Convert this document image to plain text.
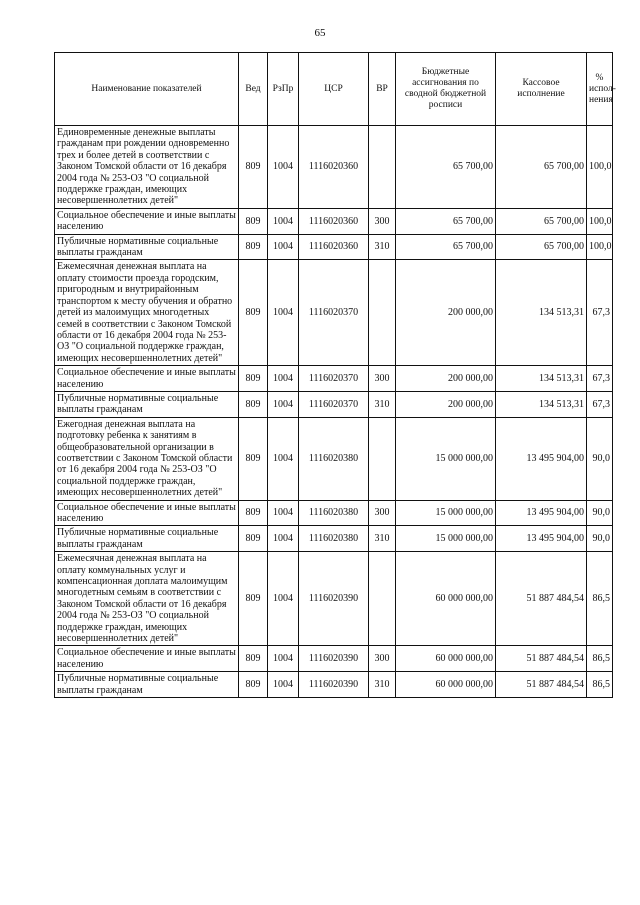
65
Наименование показателей	Вед	РзПр	ЦСР	ВР	Бюджетные ассигнования по сводной бюджетной росписи	Кассовое исполнение	% испол-нения
Единовременные денежные выплаты гражданам при рождении одновременно трех и более детей в соответствии с Законом Томской области от 16 декабря 2004 года № 253-ОЗ "О социальной поддержке граждан, имеющих несовершеннолетних детей"	809	1004	1116020360		65 700,00	65 700,00	100,0
Социальное обеспечение и иные выплаты населению	809	1004	1116020360	300	65 700,00	65 700,00	100,0
Публичные нормативные социальные выплаты гражданам	809	1004	1116020360	310	65 700,00	65 700,00	100,0
Ежемесячная денежная выплата на оплату стоимости проезда городским, пригородным и внутрирайонным транспортом к месту обучения и обратно детей из малоимущих многодетных семей в соответствии с Законом Томской области от 16 декабря 2004 года № 253-ОЗ "О социальной поддержке граждан, имеющих несовершеннолетних детей"	809	1004	1116020370		200 000,00	134 513,31	67,3
Социальное обеспечение и иные выплаты населению	809	1004	1116020370	300	200 000,00	134 513,31	67,3
Публичные нормативные социальные выплаты гражданам	809	1004	1116020370	310	200 000,00	134 513,31	67,3
Ежегодная денежная выплата на подготовку ребенка к занятиям в общеобразовательной организации в соответствии с Законом Томской области от 16 декабря 2004 года № 253-ОЗ "О социальной поддержке граждан, имеющих несовершеннолетних детей"	809	1004	1116020380		15 000 000,00	13 495 904,00	90,0
Социальное обеспечение и иные выплаты населению	809	1004	1116020380	300	15 000 000,00	13 495 904,00	90,0
Публичные нормативные социальные выплаты гражданам	809	1004	1116020380	310	15 000 000,00	13 495 904,00	90,0
Ежемесячная денежная выплата на оплату коммунальных услуг и компенсационная доплата малоимущим многодетным семьям в соответствии с Законом Томской области от 16 декабря 2004 года № 253-ОЗ "О социальной поддержке граждан, имеющих несовершеннолетних детей"	809	1004	1116020390		60 000 000,00	51 887 484,54	86,5
Социальное обеспечение и иные выплаты населению	809	1004	1116020390	300	60 000 000,00	51 887 484,54	86,5
Публичные нормативные социальные выплаты гражданам	809	1004	1116020390	310	60 000 000,00	51 887 484,54	86,5
